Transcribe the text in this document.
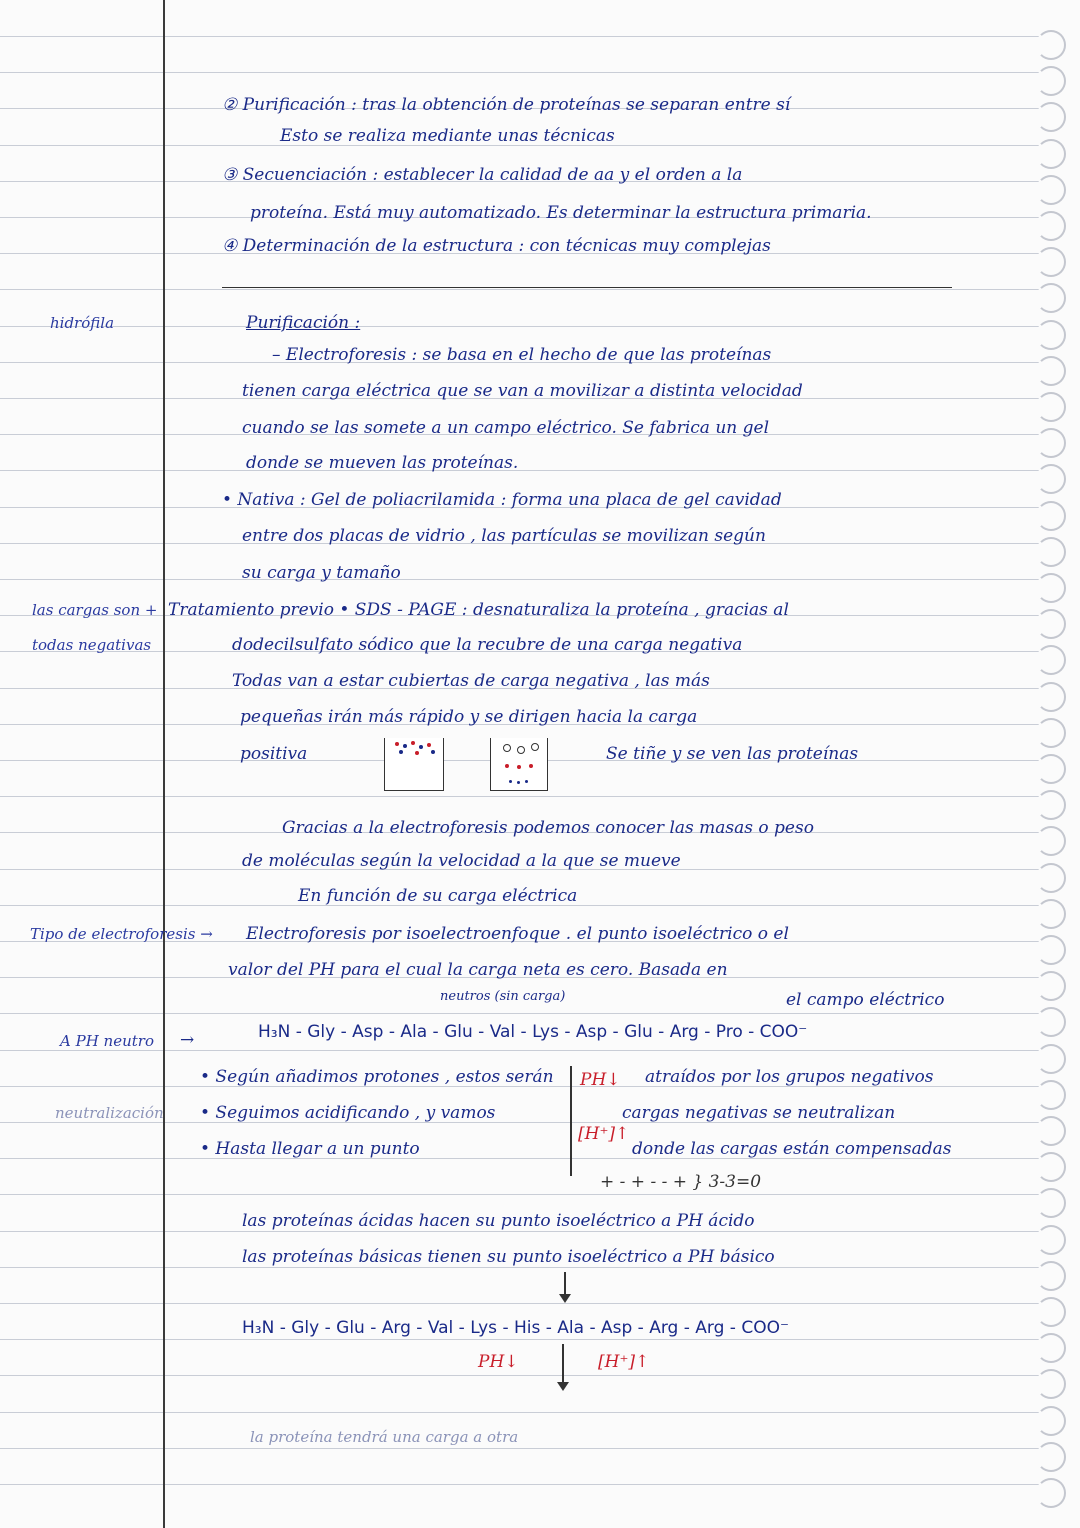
② Purificación : tras la obtención de proteínas se separan entre sí
Esto se realiza mediante unas técnicas
③ Secuenciación : establecer la calidad de aa y el orden a la
proteína. Está muy automatizado. Es determinar la estructura primaria.
④ Determinación de la estructura : con técnicas muy complejas
hidrófila
las cargas son +
todas negativas
Tipo de electroforesis →
A PH neutro
neutralización
Purificación :
– Electroforesis : se basa en el hecho de que las proteínas
tienen carga eléctrica que se van a movilizar a distinta velocidad
cuando se las somete a un campo eléctrico. Se fabrica un gel
donde se mueven las proteínas.
• Nativa : Gel de poliacrilamida : forma una placa de gel cavidad
entre dos placas de vidrio , las partículas se movilizan según
su carga y tamaño
Tratamiento previo • SDS - PAGE : desnaturaliza la proteína , gracias al
dodecilsulfato sódico que la recubre de una carga negativa
Todas van a estar cubiertas de carga negativa , las más
pequeñas irán más rápido y se dirigen hacia la carga
positiva	Se tiñe y se ven las proteínas
Gracias a la electroforesis podemos conocer las masas o peso
de moléculas según la velocidad a la que se mueve
En función de su carga eléctrica
Electroforesis por isoelectroenfoque . el punto isoeléctrico o el
valor del PH para el cual la carga neta es cero. Basada en
neutros (sin carga)	el campo eléctrico
H₃N - Gly - Asp - Ala - Glu - Val - Lys - Asp - Glu - Arg - Pro - COO⁻
→
• Según añadimos protones , estos serán
• Seguimos acidificando , y vamos
• Hasta llegar a un punto
PH↓ atraídos por los grupos negativos
cargas negativas se neutralizan
[H⁺]↑
donde las cargas están compensadas
+ - + - - + } 3-3=0
las proteínas ácidas hacen su punto isoeléctrico a PH ácido
las proteínas básicas tienen su punto isoeléctrico a PH básico
H₃N - Gly - Glu - Arg - Val - Lys - His - Ala - Asp - Arg - Arg - COO⁻
PH↓	[H⁺]↑
la proteína tendrá una carga a otra
